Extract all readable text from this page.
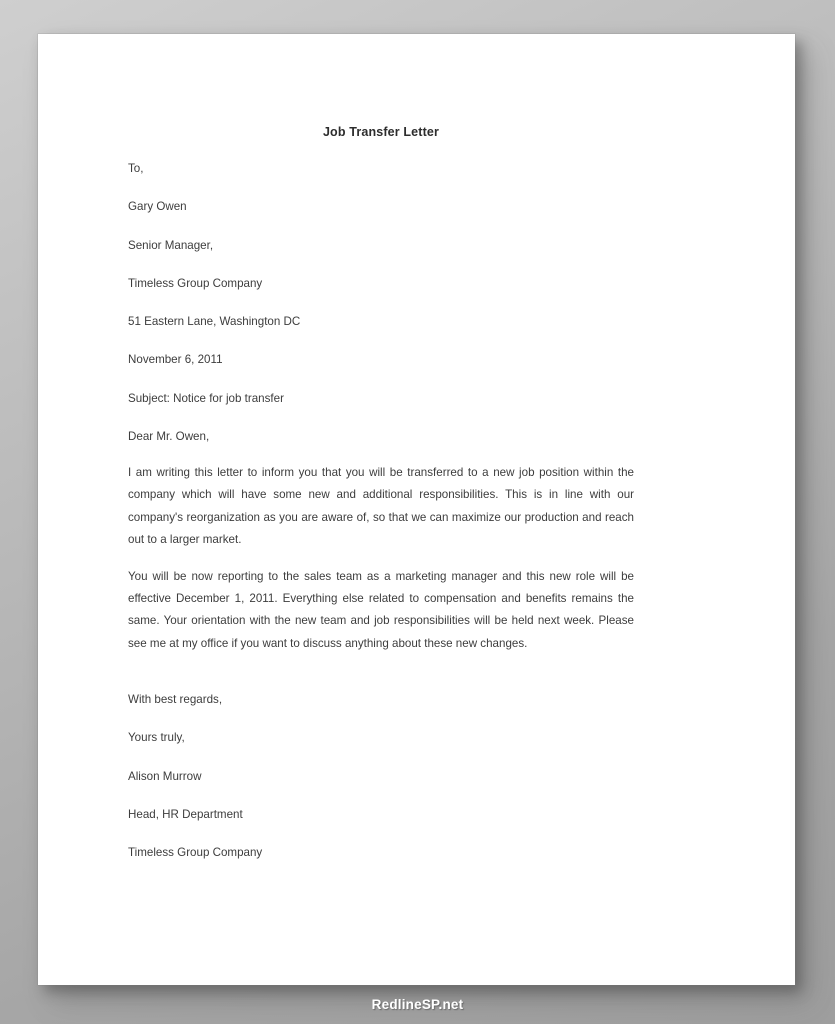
Job Transfer Letter
To,
Gary Owen
Senior Manager,
Timeless Group Company
51 Eastern Lane, Washington DC
November 6, 2011
Subject: Notice for job transfer
Dear Mr. Owen,

I am writing this letter to inform you that you will be transferred to a new job position within the company which will have some new and additional responsibilities. This is in line with our company's reorganization as you are aware of, so that we can maximize our production and reach out to a larger market.

You will be now reporting to the sales team as a marketing manager and this new role will be effective December 1, 2011. Everything else related to compensation and benefits remains the same. Your orientation with the new team and job responsibilities will be held next week. Please see me at my office if you want to discuss anything about these new changes.

With best regards,
Yours truly,
Alison Murrow
Head, HR Department
Timeless Group Company
RedlineSP.net
